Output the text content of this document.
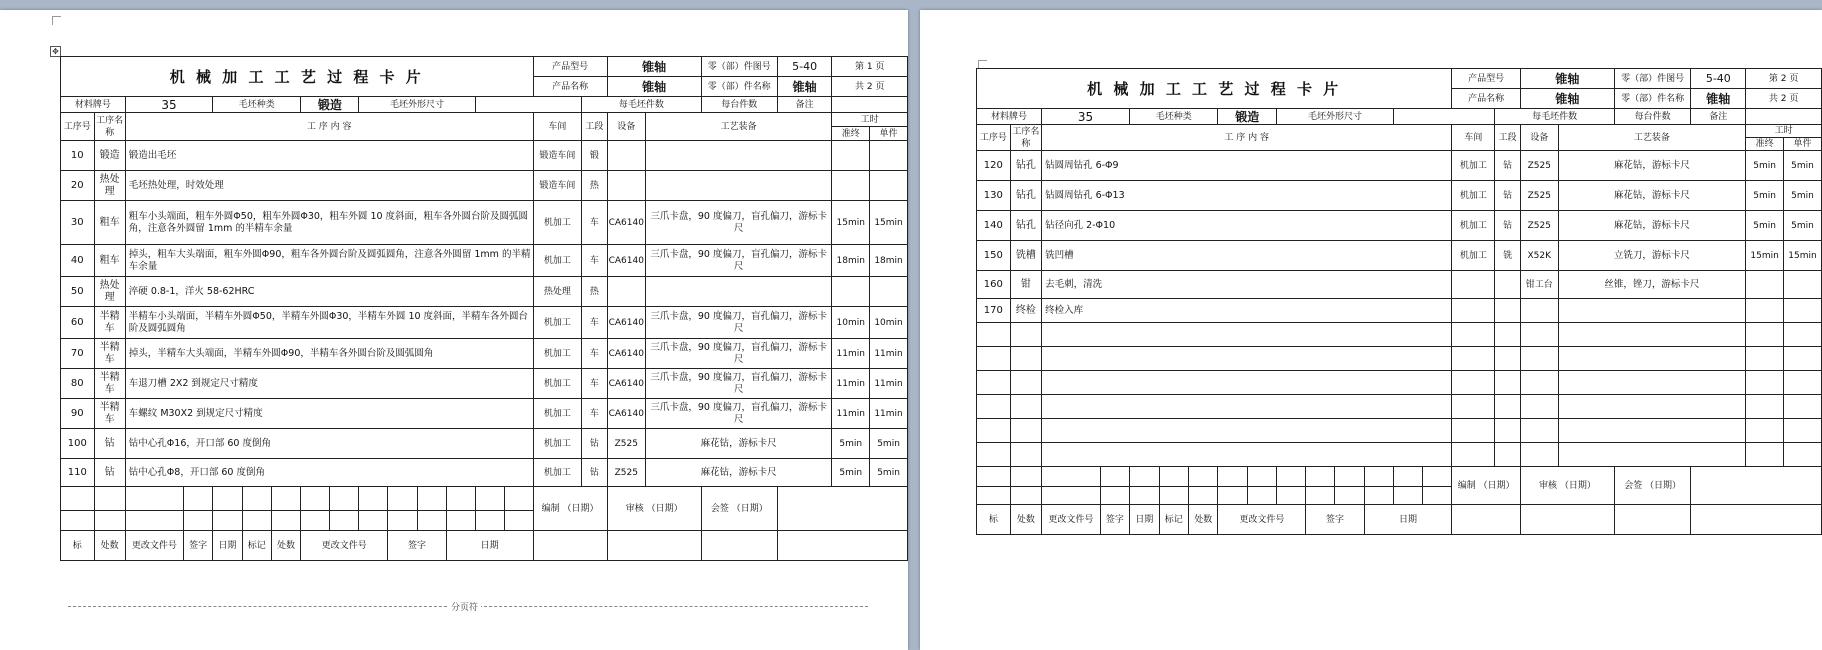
✥
机 械 加 工 工 艺 过 程 卡 片															产品型号		锥轴		零（部）件图号	5-40	第 1 页	
															产品名称		锥轴		零（部）件名称	锥轴	共 2 页	
材料牌号		35		毛坯种类			锻造		毛坯外形尺寸							每毛坯件数			每台件数	备注		
工序号	工序名称	工 序 内 容													车间	工段	设备	工艺装备			工时	
																					准终	单件
10	锻造	锻造出毛坯													锻造车间	锻						
20	热处理	毛坯热处理，时效处理													锻造车间	热						
30	粗车	粗车小头端面，粗车外圆Φ50，粗车外圆Φ30，粗车外圆 10 度斜面，粗车各外圆台阶及圆弧圆角，注意各外圆留 1mm 的半精车余量													机加工	车	CA6140	三爪卡盘，90 度偏刀，盲孔偏刀，游标卡尺			15min	15min
40	粗车	掉头，粗车大头端面，粗车外圆Φ90，粗车各外圆台阶及圆弧圆角，注意各外圆留 1mm 的半精车余量													机加工	车	CA6140	三爪卡盘，90 度偏刀，盲孔偏刀，游标卡尺			18min	18min
50	热处理	淬硬 0.8-1，洋火 58-62HRC													热处理	热						
60	半精车	半精车小头端面，半精车外圆Φ50，半精车外圆Φ30，半精车外圆 10 度斜面，半精车各外圆台阶及圆弧圆角													机加工	车	CA6140	三爪卡盘，90 度偏刀，盲孔偏刀，游标卡尺			10min	10min
70	半精车	掉头，半精车大头端面，半精车外圆Φ90，半精车各外圆台阶及圆弧圆角													机加工	车	CA6140	三爪卡盘，90 度偏刀，盲孔偏刀，游标卡尺			11min	11min
80	半精车	车退刀槽 2X2 到规定尺寸精度													机加工	车	CA6140	三爪卡盘，90 度偏刀，盲孔偏刀，游标卡尺			11min	11min
90	半精车	车螺纹 M30X2 到规定尺寸精度													机加工	车	CA6140	三爪卡盘，90 度偏刀，盲孔偏刀，游标卡尺			11min	11min
100	钻	钻中心孔Φ16，开口部 60 度倒角													机加工	钻	Z525	麻花钻，游标卡尺			5min	5min
110	钻	钻中心孔Φ8，开口部 60 度倒角													机加工	钻	Z525	麻花钻，游标卡尺			5min	5min
															编制 （日期）		审核 （日期）		会签 （日期）			

标	处数	更改文件号	签字	日期	标记	处数	更改文件号			签字		日期										
分页符
机 械 加 工 工 艺 过 程 卡 片															产品型号		锥轴		零（部）件图号	5-40	第 2 页	
															产品名称		锥轴		零（部）件名称	锥轴	共 2 页	
材料牌号		35		毛坯种类			锻造		毛坯外形尺寸							每毛坯件数			每台件数	备注		
工序号	工序名称	工 序 内 容													车间	工段	设备	工艺装备			工时	
																					准终	单件
120	钻孔	钻圆周钻孔 6-Φ9													机加工	钻	Z525	麻花钻，游标卡尺			5min	5min
130	钻孔	钻圆周钻孔 6-Φ13													机加工	钻	Z525	麻花钻，游标卡尺			5min	5min
140	钻孔	钻径向孔 2-Φ10													机加工	钻	Z525	麻花钻，游标卡尺			5min	5min
150	铣槽	铣凹槽													机加工	铣	X52K	立铣刀，游标卡尺			15min	15min
160	钳	去毛刺，清洗															钳工台	丝锥，锉刀，游标卡尺				
170	终检	终检入库																				

															编制 （日期）		审核 （日期）		会签 （日期）			

标	处数	更改文件号	签字	日期	标记	处数	更改文件号			签字		日期										
